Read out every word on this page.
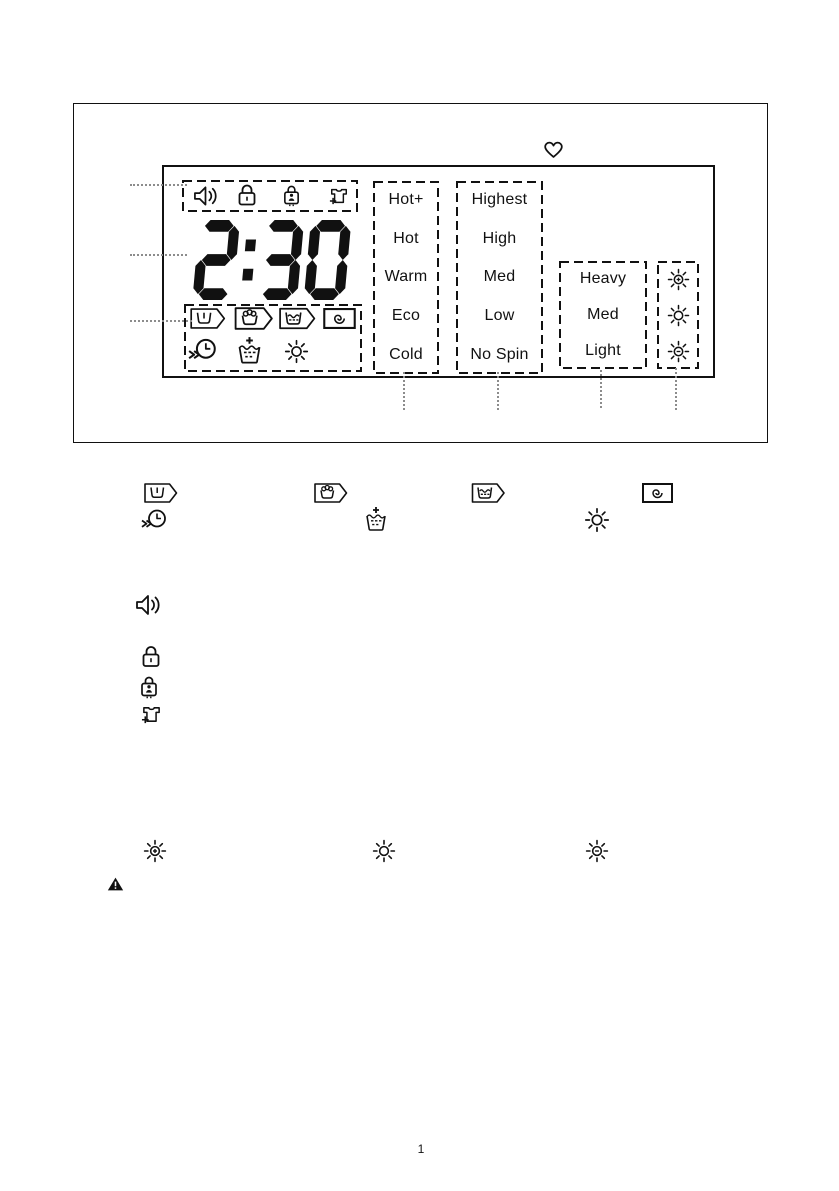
Hot+
Hot
Warm
Eco
Cold
Highest
High
Med
Low
No Spin
Heavy
Med
Light
1
